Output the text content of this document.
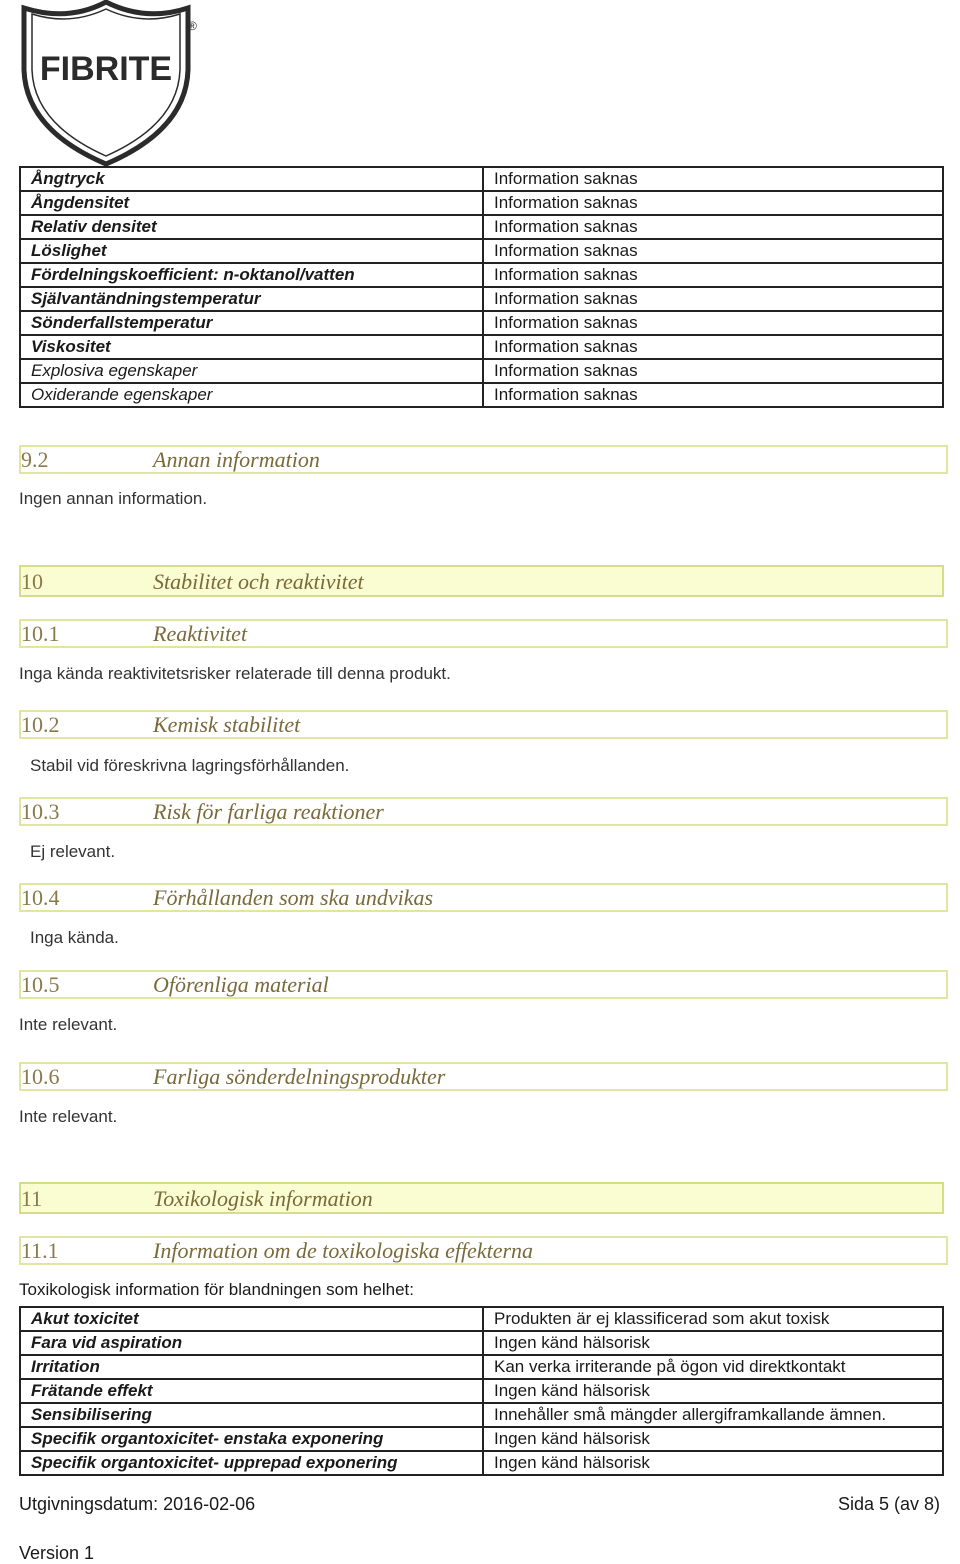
FIBRITE
®
Ångtryck	Information saknas
Ångdensitet	Information saknas
Relativ densitet	Information saknas
Löslighet	Information saknas
Fördelningskoefficient: n-oktanol/vatten	Information saknas
Självantändningstemperatur	Information saknas
Sönderfallstemperatur	Information saknas
Viskositet	Information saknas
Explosiva egenskaper	Information saknas
Oxiderande egenskaper	Information saknas
9.2	Annan information
Ingen annan information.
10	Stabilitet och reaktivitet
10.1	Reaktivitet
Inga kända reaktivitetsrisker relaterade till denna produkt.
10.2	Kemisk stabilitet
Stabil vid föreskrivna lagringsförhållanden.
10.3	Risk för farliga reaktioner
Ej relevant.
10.4	Förhållanden som ska undvikas
Inga kända.
10.5	Oförenliga material
Inte relevant.
10.6	Farliga sönderdelningsprodukter
Inte relevant.
11	Toxikologisk information
11.1	Information om de toxikologiska effekterna
Toxikologisk information för blandningen som helhet:
Akut toxicitet	Produkten är ej klassificerad som akut toxisk
Fara vid aspiration	Ingen känd hälsorisk
Irritation	Kan verka irriterande på ögon vid direktkontakt
Frätande effekt	Ingen känd hälsorisk
Sensibilisering	Innehåller små mängder allergiframkallande ämnen.
Specifik organtoxicitet- enstaka exponering	Ingen känd hälsorisk
Specifik organtoxicitet- upprepad exponering	Ingen känd hälsorisk
Utgivningsdatum: 2016-02-06	Sida 5 (av 8)
Version 1
